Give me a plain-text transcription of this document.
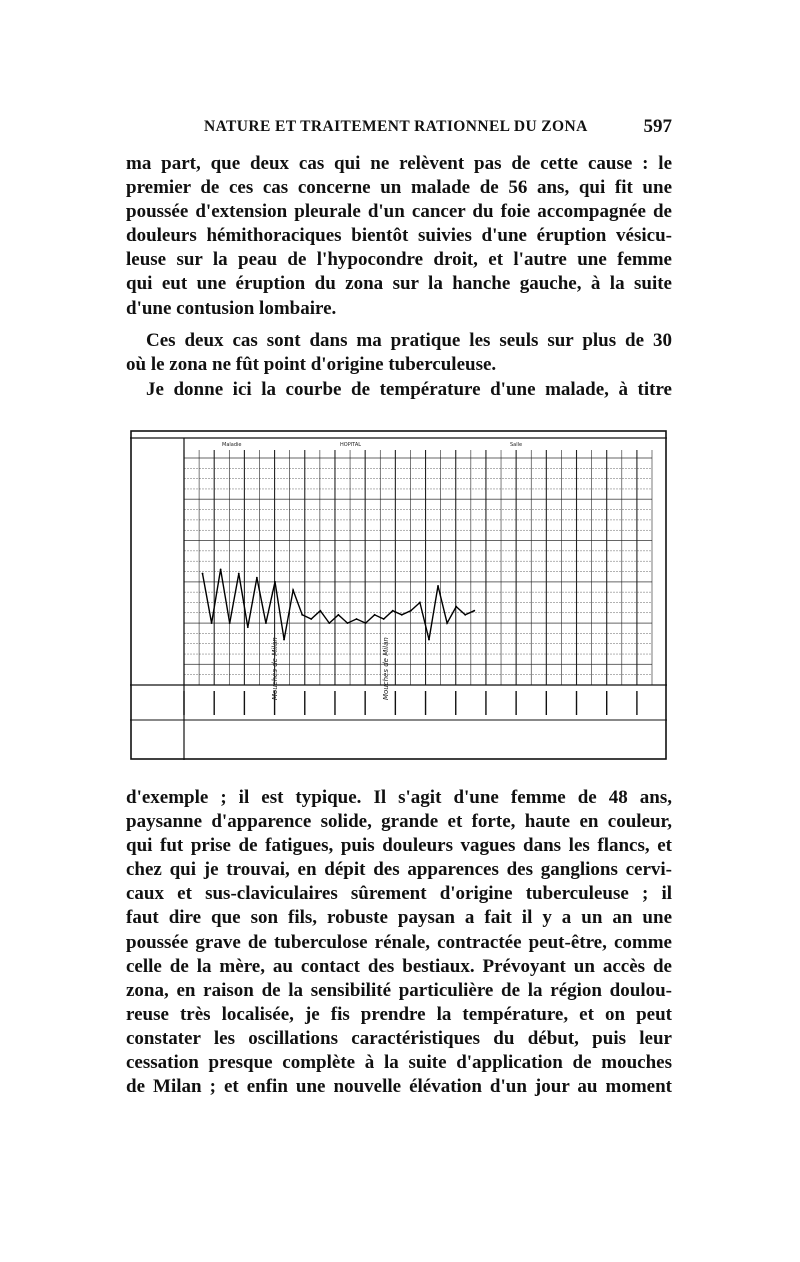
NATURE ET TRAITEMENT RATIONNEL DU ZONA	597
ma part, que deux cas qui ne relèvent pas de cette cause : le
premier de ces cas concerne un malade de 56 ans, qui fit une
poussée d'extension pleurale d'un cancer du foie accompagnée de
douleurs hémithoraciques bientôt suivies d'une éruption vésicu-
leuse sur la peau de l'hypocondre droit, et l'autre une femme
qui eut une éruption du zona sur la hanche gauche, à la suite
d'une contusion lombaire.
Ces deux cas sont dans ma pratique les seuls sur plus de 30
où le zona ne fût point d'origine tuberculeuse.
Je donne ici la courbe de température d'une malade, à titre
Maladie	HOPITAL	Salle
Mouches de Milan	Mouches de Milan
d'exemple ; il est typique. Il s'agit d'une femme de 48 ans,
paysanne d'apparence solide, grande et forte, haute en couleur,
qui fut prise de fatigues, puis douleurs vagues dans les flancs, et
chez qui je trouvai, en dépit des apparences des ganglions cervi-
caux et sus-claviculaires sûrement d'origine tuberculeuse ; il
faut dire que son fils, robuste paysan a fait il y a un an une
poussée grave de tuberculose rénale, contractée peut-être, comme
celle de la mère, au contact des bestiaux. Prévoyant un accès de
zona, en raison de la sensibilité particulière de la région doulou-
reuse très localisée, je fis prendre la température, et on peut
constater les oscillations caractéristiques du début, puis leur
cessation presque complète à la suite d'application de mouches
de Milan ; et enfin une nouvelle élévation d'un jour au moment
